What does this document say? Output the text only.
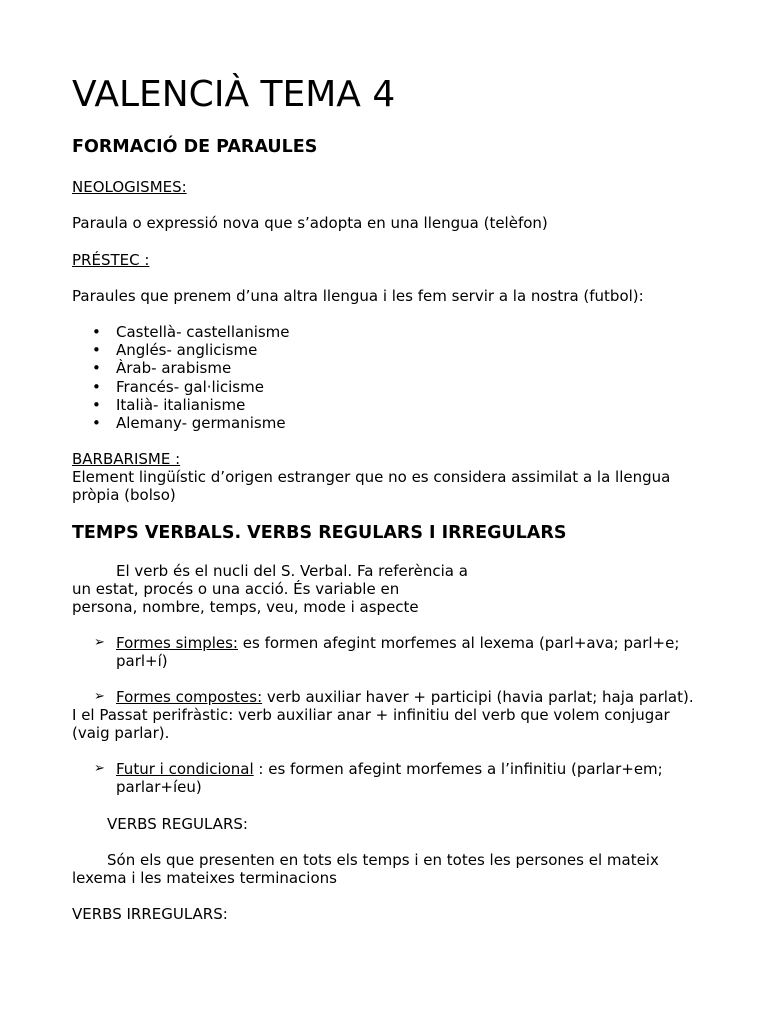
VALENCIÀ TEMA 4
FORMACIÓ DE PARAULES
NEOLOGISMES:
Paraula o expressió nova que s’adopta en una llengua (telèfon)
PRÉSTEC :
Paraules que prenem d’una altra llengua i les fem servir a la nostra (futbol):
• Castellà- castellanisme
• Anglés- anglicisme
• Àrab- arabisme
• Francés- gal·licisme
• Italià- italianisme
• Alemany- germanisme
BARBARISME :
Element lingüístic d’origen estranger que no es considera assimilat a la llengua
pròpia (bolso)
TEMPS VERBALS. VERBS REGULARS I IRREGULARS
El verb és el nucli del S. Verbal. Fa referència a
un estat, procés o una acció. És variable en
persona, nombre, temps, veu, mode i aspecte
➢ Formes simples: es formen afegint morfemes al lexema (parl+ava; parl+e;
parl+í)
➢ Formes compostes: verb auxiliar haver + participi (havia parlat; haja parlat).
I el Passat perifràstic: verb auxiliar anar + infinitiu del verb que volem conjugar
(vaig parlar).
➢ Futur i condicional : es formen afegint morfemes a l’infinitiu (parlar+em;
parlar+íeu)
VERBS REGULARS:
Són els que presenten en tots els temps i en totes les persones el mateix
lexema i les mateixes terminacions
VERBS IRREGULARS:
